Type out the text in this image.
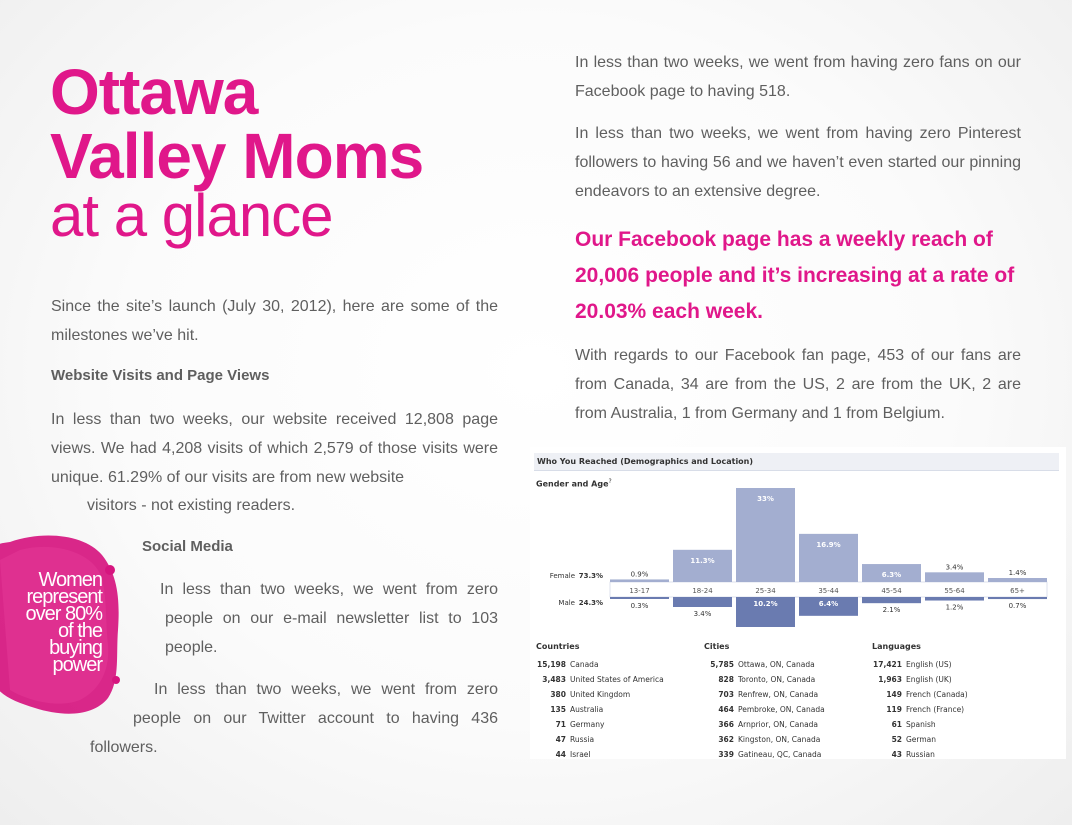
Ottawa
Valley Moms
at a glance
Since the site’s launch (July 30, 2012), here are some of the milestones we’ve hit.
Website Visits and Page Views
In less than two weeks, our website received 12,808 page views. We had 4,208 visits of which 2,579 of those visits were unique. 61.29% of our visits are from new website
visitors - not existing readers.
Social Media
In less than two weeks, we went from zero
people on our e-mail newsletter list to 103
people.
In less than two weeks, we went from zero
people on our Twitter account to having 436
followers.
Women
represent
over 80%
of the
buying
power
In less than two weeks, we went from having zero fans on our Facebook page to having 518.
In less than two weeks, we went from having zero Pinterest followers to having 56 and we haven’t even started our pinning endeavors to an extensive degree.
Our Facebook page has a weekly reach of 20,006 people and it’s increasing at a rate of 20.03% each week.
With regards to our Facebook fan page, 453 of our fans are from Canada, 34 are from the US, 2 are from the UK, 2 are from Australia, 1 from Germany and 1 from Belgium.
Who You Reached (Demographics and Location)
Gender and Age?
13-17
0.9%
0.3%
18-24
11.3%
3.4%
25-34
33%
10.2%
35-44
16.9%
6.4%
45-54
6.3%
2.1%
55-64
3.4%
1.2%
65+
1.4%
0.7%
Female 73.3%
Male 24.3%
Countries
15,198 Canada
3,483 United States of America
380 United Kingdom
135 Australia
71 Germany
47 Russia
44 Israel
Cities
5,785 Ottawa, ON, Canada
828 Toronto, ON, Canada
703 Renfrew, ON, Canada
464 Pembroke, ON, Canada
366 Arnprior, ON, Canada
362 Kingston, ON, Canada
339 Gatineau, QC, Canada
Languages
17,421 English (US)
1,963 English (UK)
149 French (Canada)
119 French (France)
61 Spanish
52 German
43 Russian
